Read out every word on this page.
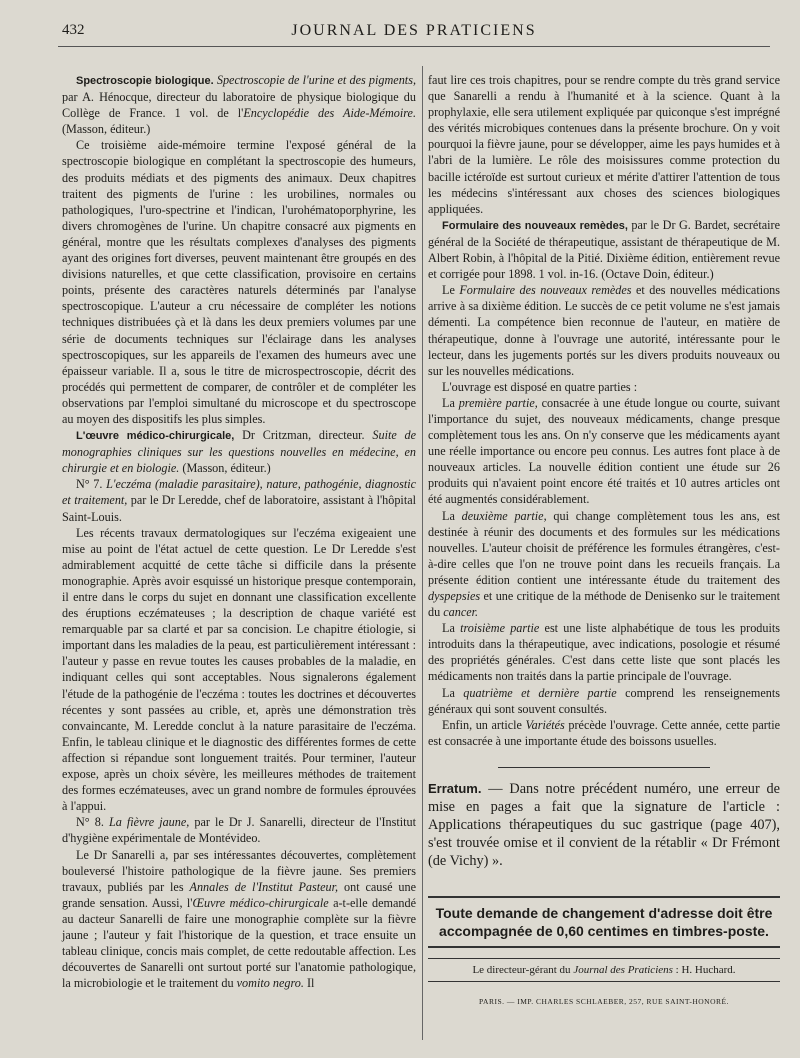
432	JOURNAL DES PRATICIENS

Spectroscopie biologique. Spectroscopie de l'urine et des pigments, par A. Hénocque, directeur du laboratoire de physique biologique du Collège de France. 1 vol. de l'Encyclopédie des Aide-Mémoire. (Masson, éditeur.)

Ce troisième aide-mémoire termine l'exposé général de la spectroscopie biologique en complétant la spectroscopie des humeurs, des produits médiats et des pigments des animaux. Deux chapitres traitent des pigments de l'urine : les urobilines, normales ou pathologiques, l'uro-spectrine et l'indican, l'urohématoporphyrine, les divers chromogènes de l'urine. Un chapitre consacré aux pigments en général, montre que les résultats complexes d'analyses des pigments ayant des origines fort diverses, peuvent maintenant être groupés en des divisions naturelles, et que cette classification, provisoire en certains points, présente des caractères naturels déterminés par l'analyse spectroscopique. L'auteur a cru nécessaire de compléter les notions techniques distribuées çà et là dans les deux premiers volumes par une série de documents techniques sur l'éclairage dans les analyses spectroscopiques, sur les appareils de l'examen des humeurs avec une épaisseur variable. Il a, sous le titre de microspectroscopie, décrit des procédés qui permettent de comparer, de contrôler et de compléter les observations par l'emploi simultané du microscope et du spectroscope au moyen des dispositifs les plus simples.

L'œuvre médico-chirurgicale, Dr Critzman, directeur. Suite de monographies cliniques sur les questions nouvelles en médecine, en chirurgie et en biologie. (Masson, éditeur.)

N° 7. L'eczéma (maladie parasitaire), nature, pathogénie, diagnostic et traitement, par le Dr Leredde, chef de laboratoire, assistant à l'hôpital Saint-Louis.

Les récents travaux dermatologiques sur l'eczéma exigeaient une mise au point de l'état actuel de cette question. Le Dr Leredde s'est admirablement acquitté de cette tâche si difficile dans la présente monographie. Après avoir esquissé un historique presque contemporain, il entre dans le corps du sujet en donnant une classification excellente des éruptions eczémateuses ; la description de chaque variété est remarquable par sa clarté et par sa concision. Le chapitre étiologie, si important dans les maladies de la peau, est particulièrement intéressant : l'auteur y passe en revue toutes les causes probables de la maladie, en indiquant celles qui sont acceptables. Nous signalerons également l'étude de la pathogénie de l'eczéma : toutes les doctrines et découvertes récentes y sont passées au crible, et, après une démonstration très convaincante, M. Leredde conclut à la nature parasitaire de l'eczéma. Enfin, le tableau clinique et le diagnostic des différentes formes de cette affection si répandue sont longuement traités. Pour terminer, l'auteur expose, après un choix sévère, les meilleures méthodes de traitement des formes eczémateuses, avec un grand nombre de formules éprouvées à l'appui.

N° 8. La fièvre jaune, par le Dr J. Sanarelli, directeur de l'Institut d'hygiène expérimentale de Montévideo.

Le Dr Sanarelli a, par ses intéressantes découvertes, complètement bouleversé l'histoire pathologique de la fièvre jaune. Ses premiers travaux, publiés par les Annales de l'Institut Pasteur, ont causé une grande sensation. Aussi, l'Œuvre médico-chirurgicale a-t-elle demandé au dacteur Sanarelli de faire une monographie complète sur la fièvre jaune ; l'auteur y fait l'historique de la question, et trace ensuite un tableau clinique, concis mais complet, de cette redoutable affection. Les découvertes de Sanarelli ont surtout porté sur l'anatomie pathologique, la microbiologie et le traitement du vomito negro. Il

faut lire ces trois chapitres, pour se rendre compte du très grand service que Sanarelli a rendu à l'humanité et à la science. Quant à la prophylaxie, elle sera utilement expliquée par quiconque s'est imprégné des vérités microbiques contenues dans la présente brochure. On y voit pourquoi la fièvre jaune, pour se développer, aime les pays humides et à l'abri de la lumière. Le rôle des moisissures comme protection du bacille ictéroïde est surtout curieux et mérite d'attirer l'attention de tous les médecins s'intéressant aux choses des sciences biologiques appliquées.

Formulaire des nouveaux remèdes, par le Dr G. Bardet, secrétaire général de la Société de thérapeutique, assistant de thérapeutique de M. Albert Robin, à l'hôpital de la Pitié. Dixième édition, entièrement revue et corrigée pour 1898. 1 vol. in-16. (Octave Doin, éditeur.)

Le Formulaire des nouveaux remèdes et des nouvelles médications arrive à sa dixième édition. Le succès de ce petit volume ne s'est jamais démenti. La compétence bien reconnue de l'auteur, en matière de thérapeutique, donne à l'ouvrage une autorité, intéressante pour le lecteur, dans les jugements portés sur les divers produits nouveaux ou sur les nouvelles médications.

L'ouvrage est disposé en quatre parties :

La première partie, consacrée à une étude longue ou courte, suivant l'importance du sujet, des nouveaux médicaments, change presque complètement tous les ans. On n'y conserve que les médicaments ayant une réelle importance ou encore peu connus. Les autres font place à de nouveaux articles. La nouvelle édition contient une étude sur 26 produits qui n'avaient point encore été traités et 10 autres articles ont été augmentés considérablement.

La deuxième partie, qui change complètement tous les ans, est destinée à réunir des documents et des formules sur les médications nouvelles. L'auteur choisit de préférence les formules étrangères, c'est-à-dire celles que l'on ne trouve point dans les recueils français. La présente édition contient une intéressante étude du traitement des dyspepsies et une critique de la méthode de Denisenko sur le traitement du cancer.

La troisième partie est une liste alphabétique de tous les produits introduits dans la thérapeutique, avec indications, posologie et résumé des propriétés générales. C'est dans cette liste que sont placés les médicaments non traités dans la partie principale de l'ouvrage.

La quatrième et dernière partie comprend les renseignements généraux qui sont souvent consultés.

Enfin, un article Variétés précède l'ouvrage. Cette année, cette partie est consacrée à une importante étude des boissons usuelles.

Erratum. — Dans notre précédent numéro, une erreur de mise en pages a fait que la signature de l'article : Applications thérapeutiques du suc gastrique (page 407), s'est trouvée omise et il convient de la rétablir « Dr Frémont (de Vichy) ».

Toute demande de changement d'adresse doit être accompagnée de 0,60 centimes en timbres-poste.
Le directeur-gérant du Journal des Praticiens : H. Huchard.
PARIS. — IMP. CHARLES SCHLAEBER, 257, RUE SAINT-HONORÉ.
